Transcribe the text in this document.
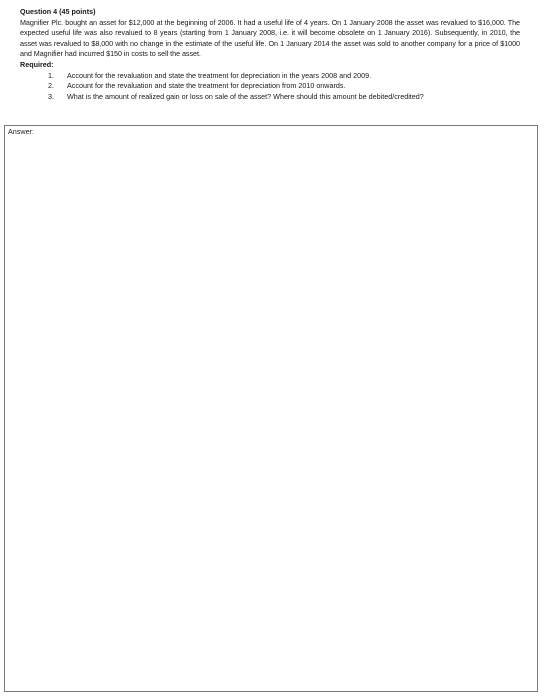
Question 4 (45 points)
Magnifier Plc. bought an asset for $12,000 at the beginning of 2006. It had a useful life of 4 years. On 1 January 2008 the asset was revalued to $16,000. The expected useful life was also revalued to 8 years (starting from 1 January 2008, i.e. it will become obsolete on 1 January 2016). Subsequently, in 2010, the asset was revalued to $8,000 with no change in the estimate of the useful life. On 1 January 2014 the asset was sold to another company for a price of $1000 and Magnifier had incurred $150 in costs to sell the asset.
Required:
1.	Account for the revaluation and state the treatment for depreciation in the years 2008 and 2009.
2.	Account for the revaluation and state the treatment for depreciation from 2010 onwards.
3.	What is the amount of realized gain or loss on sale of the asset? Where should this amount be debited/credited?
Answer:
